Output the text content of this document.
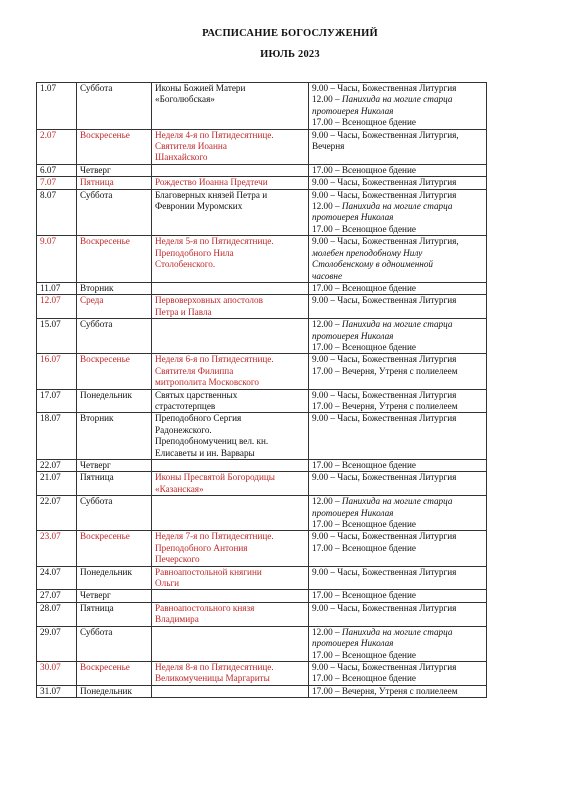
РАСПИСАНИЕ БОГОСЛУЖЕНИЙ
ИЮЛЬ 2023
1.07	Суббота	Иконы Божией Матери
«Боголюбская»	9.00 – Часы, Божественная Литургия
12.00 – Панихида на могиле старца
протоиерея Николая
17.00 – Всенощное бдение

2.07	Воскресенье	Неделя 4-я по Пятидесятнице.
Святителя Иоанна
Шанхайского	9.00 – Часы, Божественная Литургия,
Вечерня

6.07	Четверг		17.00 – Всенощное бдение

7.07	Пятница	Рождество Иоанна Предтечи	9.00 – Часы, Божественная Литургия

8.07	Суббота	Благоверных князей Петра и
Февронии Муромских	9.00 – Часы, Божественная Литургия
12.00 – Панихида на могиле старца
протоиерея Николая
17.00 – Всенощное бдение

9.07	Воскресенье	Неделя 5-я по Пятидесятнице.
Преподобного Нила
Столобенского.	9.00 – Часы, Божественная Литургия,
молебен преподобному Нилу
Столобенскому в одноименной
часовне

11.07	Вторник		17.00 – Всенощное бдение

12.07	Среда	Первоверховных апостолов
Петра и Павла	9.00 – Часы, Божественная Литургия

15.07	Суббота		12.00 – Панихида на могиле старца
протоиерея Николая
17.00 – Всенощное бдение

16.07	Воскресенье	Неделя 6-я по Пятидесятнице.
Святителя Филиппа
митрополита Московского	9.00 – Часы, Божественная Литургия
17.00 – Вечерня, Утреня с полиелеем

17.07	Понедельник	Святых царственных
страстотерпцев	9.00 – Часы, Божественная Литургия
17.00 – Вечерня, Утреня с полиелеем

18.07	Вторник	Преподобного Сергия
Радонежского.
Преподобномучениц вел. кн.
Елисаветы и ин. Варвары	9.00 – Часы, Божественная Литургия

22.07	Четверг		17.00 – Всенощное бдение

21.07	Пятница	Иконы Пресвятой Богородицы
«Казанская»	9.00 – Часы, Божественная Литургия

22.07	Суббота		12.00 – Панихида на могиле старца
протоиерея Николая
17.00 – Всенощное бдение

23.07	Воскресенье	Неделя 7-я по Пятидесятнице.
Преподобного Антония
Печерского	9.00 – Часы, Божественная Литургия
17.00 – Всенощное бдение

24.07	Понедельник	Равноапостольной княгини
Ольги	9.00 – Часы, Божественная Литургия

27.07	Четверг		17.00 – Всенощное бдение

28.07	Пятница	Равноапостольного князя
Владимира	9.00 – Часы, Божественная Литургия

29.07	Суббота		12.00 – Панихида на могиле старца
протоиерея Николая
17.00 – Всенощное бдение

30.07	Воскресенье	Неделя 8-я по Пятидесятнице.
Великомученицы Маргариты	9.00 – Часы, Божественная Литургия
17.00 – Всенощное бдение

31.07	Понедельник		17.00 – Вечерня, Утреня с полиелеем
